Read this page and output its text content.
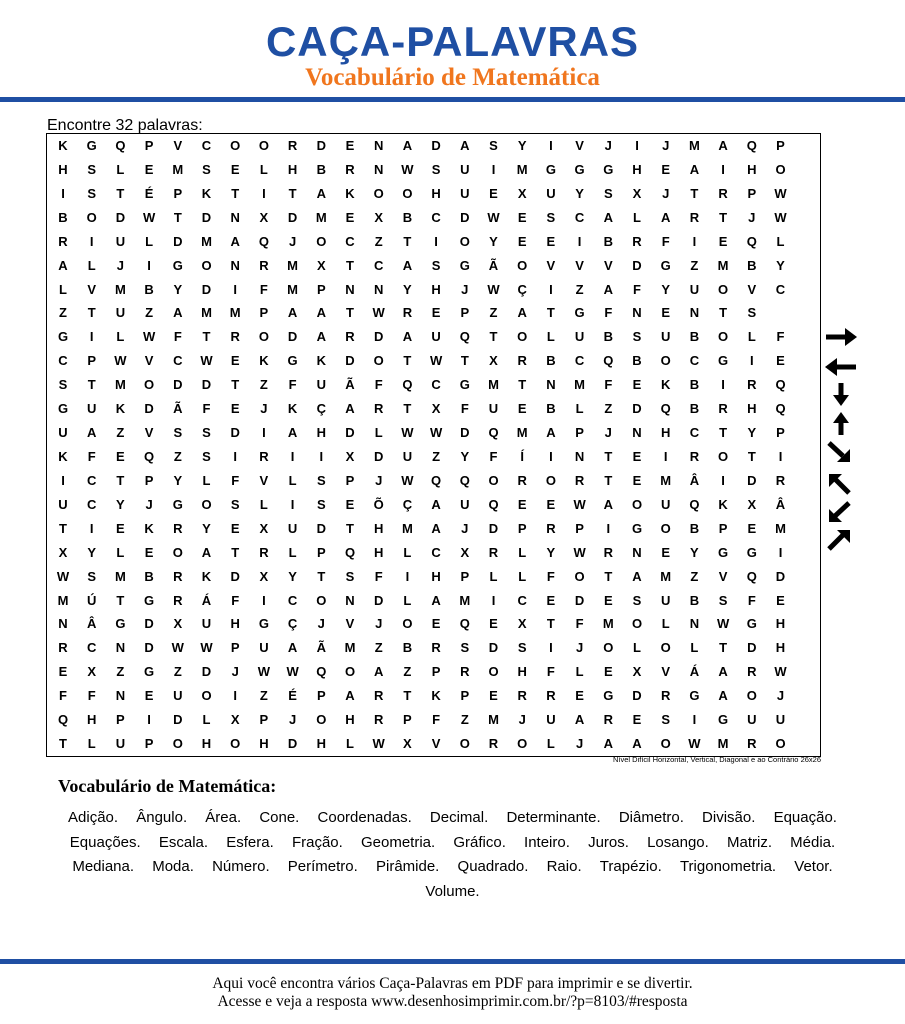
CAÇA-PALAVRAS
Vocabulário de Matemática
Encontre 32 palavras:
K	G	Q	P	V	C	O	O	R	D	E	N	A	D	A	S	Y	I	V	J	I	J	M	A	Q	P
H	S	L	E	M	S	E	L	H	B	R	N	W	S	U	I	M	G	G	G	H	E	A	I	H	O
I	S	T	É	P	K	T	I	T	A	K	O	O	H	U	E	X	U	Y	S	X	J	T	R	P	W
B	O	D	W	T	D	N	X	D	M	E	X	B	C	D	W	E	S	C	A	L	A	R	T	J	W
R	I	U	L	D	M	A	Q	J	O	C	Z	T	I	O	Y	E	E	I	B	R	F	I	E	Q	L
A	L	J	I	G	O	N	R	M	X	T	C	A	S	G	Ã	O	V	V	V	D	G	Z	M	B	Y
L	V	M	B	Y	D	I	F	M	P	N	N	Y	H	J	W	Ç	I	Z	A	F	Y	U	O	V	C
Z	T	U	Z	A	M	M	P	A	A	T	W	R	E	P	Z	A	T	G	F	N	E	N	T	S
G	I	L	W	F	T	R	O	D	A	R	D	A	U	Q	T	O	L	U	B	S	U	B	O	L	F
C	P	W	V	C	W	E	K	G	K	D	O	T	W	T	X	R	B	C	Q	B	O	C	G	I	E
S	T	M	O	D	D	T	Z	F	U	Ã	F	Q	C	G	M	T	N	M	F	E	K	B	I	R	Q
G	U	K	D	Ã	F	E	J	K	Ç	A	R	T	X	F	U	E	B	L	Z	D	Q	B	R	H	Q
U	A	Z	V	S	S	D	I	A	H	D	L	W	W	D	Q	M	A	P	J	N	H	C	T	Y	P
K	F	E	Q	Z	S	I	R	I	I	X	D	U	Z	Y	F	Í	I	N	T	E	I	R	O	T	I
I	C	T	P	Y	L	F	V	L	S	P	J	W	Q	Q	O	R	O	R	T	E	M	Â	I	D	R
U	C	Y	J	G	O	S	L	I	S	E	Õ	Ç	A	U	Q	E	E	W	A	O	U	Q	K	X	Â
T	I	E	K	R	Y	E	X	U	D	T	H	M	A	J	D	P	R	P	I	G	O	B	P	E	M
X	Y	L	E	O	A	T	R	L	P	Q	H	L	C	X	R	L	Y	W	R	N	E	Y	G	G	I
W	S	M	B	R	K	D	X	Y	T	S	F	I	H	P	L	L	F	O	T	A	M	Z	V	Q	D
M	Ú	T	G	R	Á	F	I	C	O	N	D	L	A	M	I	C	E	D	E	S	U	B	S	F	E
N	Â	G	D	X	U	H	G	Ç	J	V	J	O	E	Q	E	X	T	F	M	O	L	N	W	G	H
R	C	N	D	W	W	P	U	A	Ã	M	Z	B	R	S	D	S	I	J	O	L	O	L	T	D	H
E	X	Z	G	Z	D	J	W	W	Q	O	A	Z	P	R	O	H	F	L	E	X	V	Á	A	R	W
F	F	N	E	U	O	I	Z	É	P	A	R	T	K	P	E	R	R	E	G	D	R	G	A	O	J
Q	H	P	I	D	L	X	P	J	O	H	R	P	F	Z	M	J	U	A	R	E	S	I	G	U	U
T	L	U	P	O	H	O	H	D	H	L	W	X	V	O	R	O	L	J	A	A	O	W	M	R	O
Nível Difícil Horizontal, Vertical, Diagonal e ao Contrário 26x26
Vocabulário de Matemática:
Adição. Ângulo. Área. Cone. Coordenadas. Decimal. Determinante. Diâmetro. Divisão. Equação. Equações. Escala. Esfera. Fração. Geometria. Gráfico. Inteiro. Juros. Losango. Matriz. Média. Mediana. Moda. Número. Perímetro. Pirâmide. Quadrado. Raio. Trapézio. Trigonometria. Vetor. Volume.
Aqui você encontra vários Caça-Palavras em PDF para imprimir e se divertir.
Acesse e veja a resposta www.desenhosimprimir.com.br/?p=8103/#resposta
